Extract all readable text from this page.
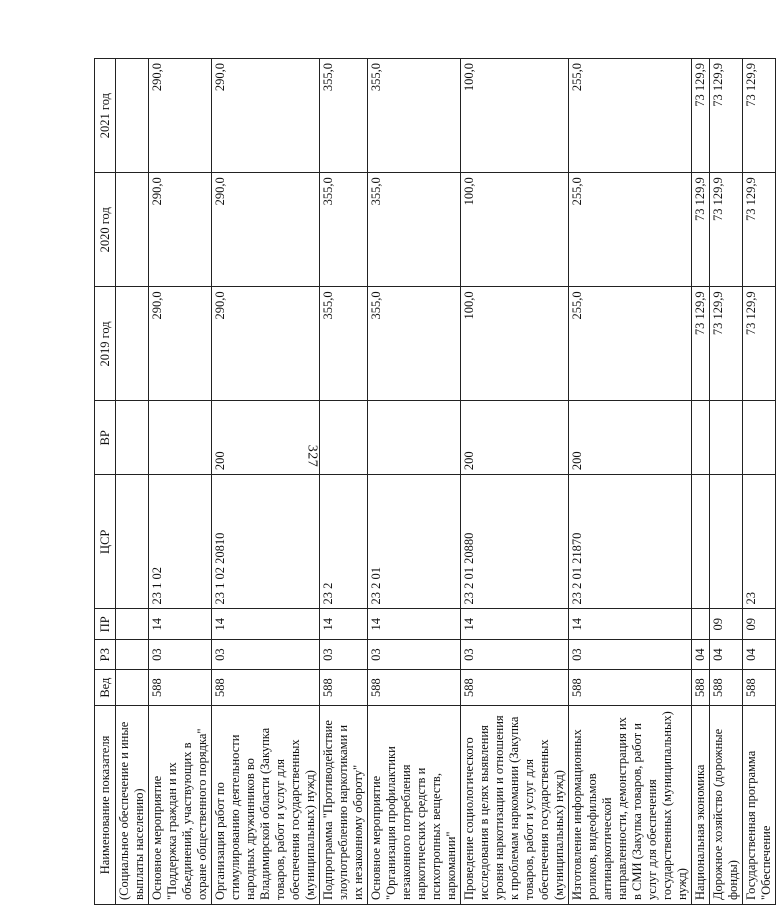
327
Наименование показателя	Вед	РЗ	ПР	ЦСР	ВР	2019 год	2020 год	2021 год
(Социальное обеспечение и иные выплаты населению)								
Основное мероприятие "Поддержка граждан и их объединений, участвующих в охране общественного порядка"	588	03	14	23 1 02		290,0	290,0	290,0
Организация работ по стимулированию деятельности народных дружинников во Владимирской области (Закупка товаров, работ и услуг для обеспечения государственных (муниципальных) нужд)	588	03	14	23 1 02 20810	200	290,0	290,0	290,0
Подпрограмма "Противодействие злоупотреблению наркотиками и их незаконному обороту"	588	03	14	23 2		355,0	355,0	355,0
Основное мероприятие "Организация профилактики незаконного потребления наркотических средств и психотропных веществ, наркомании"	588	03	14	23 2 01		355,0	355,0	355,0
Проведение социологического исследования в целях выявления уровня наркотизации и отношения к проблемам наркомании (Закупка товаров, работ и услуг для обеспечения государственных (муниципальных) нужд)	588	03	14	23 2 01 20880	200	100,0	100,0	100,0
Изготовление информационных роликов, видеофильмов антинаркотической направленности, демонстрация их в СМИ (Закупка товаров, работ и услуг для обеспечения государственных (муниципальных) нужд)	588	03	14	23 2 01 21870	200	255,0	255,0	255,0
Национальная экономика	588	04				73 129,9	73 129,9	73 129,9
Дорожное хозяйство (дорожные фонды)	588	04	09			73 129,9	73 129,9	73 129,9
Государственная программа "Обеспечение	588	04	09	23		73 129,9	73 129,9	73 129,9
